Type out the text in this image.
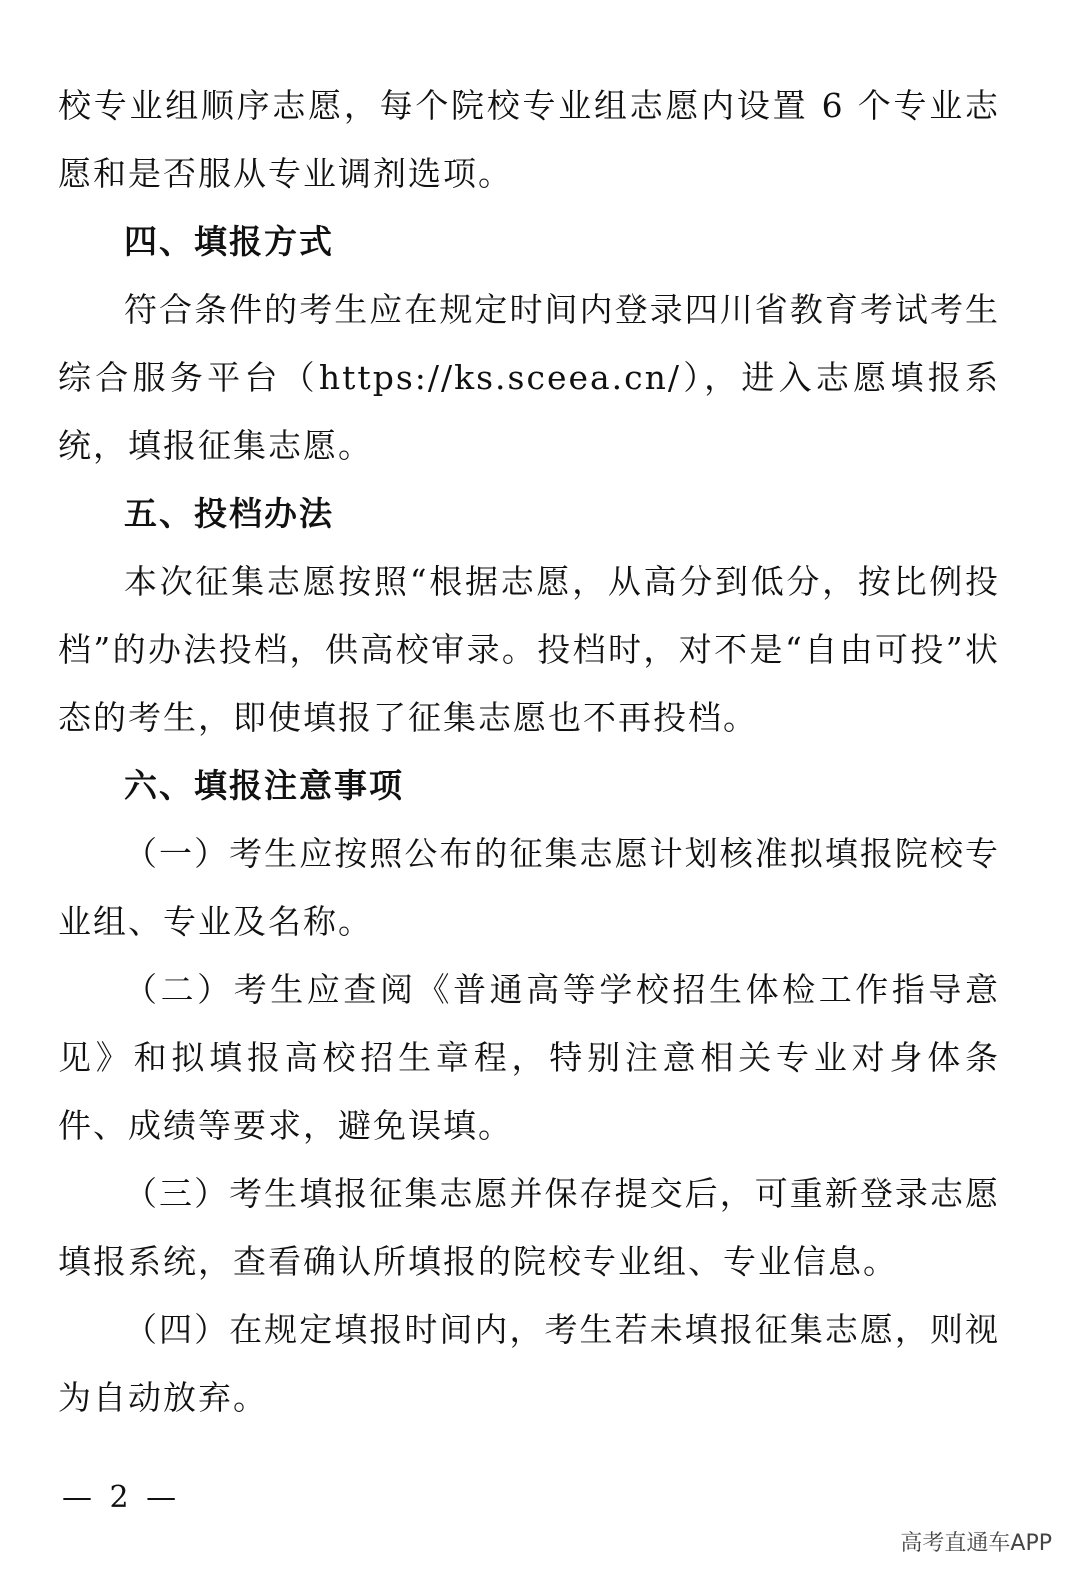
校专业组顺序志愿，每个院校专业组志愿内设置 6 个专业志愿和是否服从专业调剂选项。

四、填报方式

符合条件的考生应在规定时间内登录四川省教育考试考生综合服务平台（https://ks.sceea.cn/），进入志愿填报系统，填报征集志愿。

五、投档办法

本次征集志愿按照“根据志愿，从高分到低分，按比例投档”的办法投档，供高校审录。投档时，对不是“自由可投”状态的考生，即使填报了征集志愿也不再投档。

六、填报注意事项

（一）考生应按照公布的征集志愿计划核准拟填报院校专业组、专业及名称。

（二）考生应查阅《普通高等学校招生体检工作指导意见》和拟填报高校招生章程，特别注意相关专业对身体条件、成绩等要求，避免误填。

（三）考生填报征集志愿并保存提交后，可重新登录志愿填报系统，查看确认所填报的院校专业组、专业信息。

（四）在规定填报时间内，考生若未填报征集志愿，则视为自动放弃。

— 2 —
高考直通车APP
